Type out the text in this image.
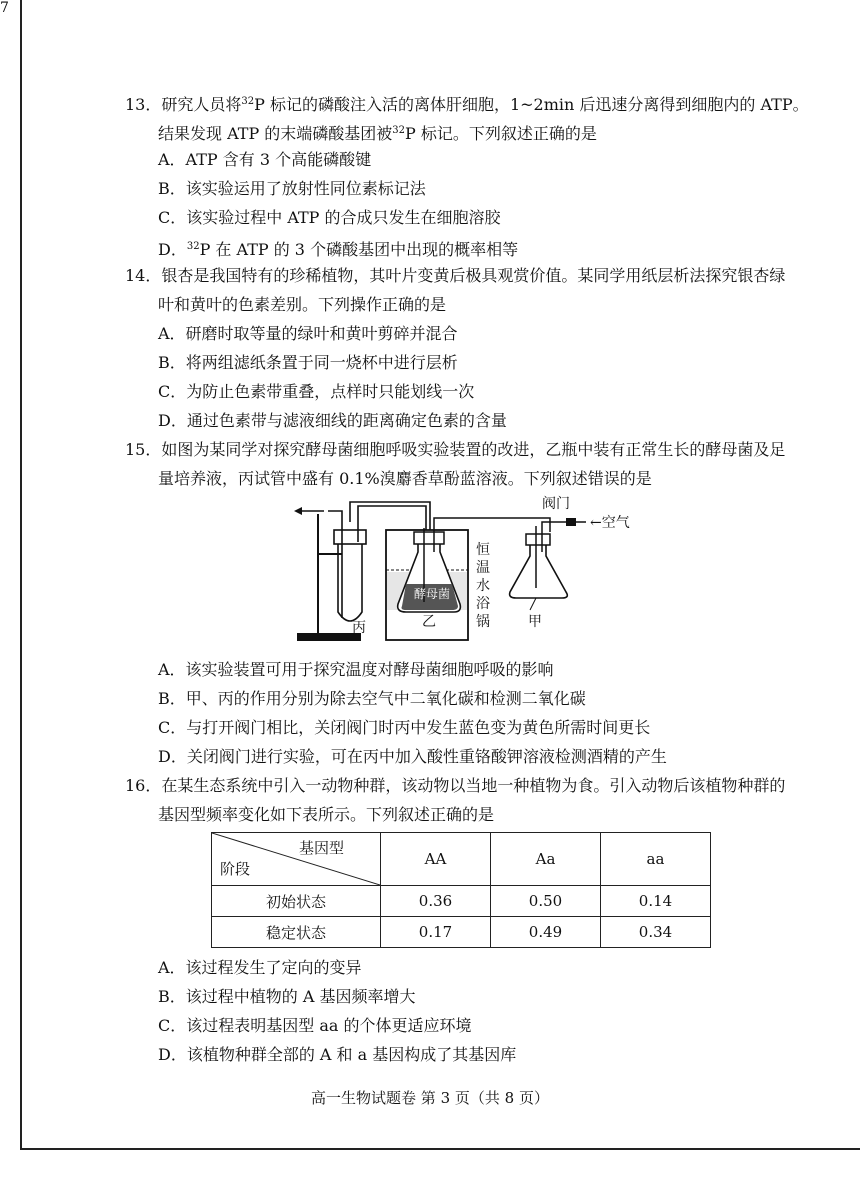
7
13．研究人员将$^{32}$P 标记的磷酸注入活的离体肝细胞，1~2min 后迅速分离得到细胞内的 ATP。
结果发现 ATP 的末端磷酸基团被$^{32}$P 标记。下列叙述正确的是
A．ATP 含有 3 个高能磷酸键
B．该实验运用了放射性同位素标记法
C．该实验过程中 ATP 的合成只发生在细胞溶胶
D．$^{32}$P 在 ATP 的 3 个磷酸基团中出现的概率相等
14．银杏是我国特有的珍稀植物，其叶片变黄后极具观赏价值。某同学用纸层析法探究银杏绿
叶和黄叶的色素差别。下列操作正确的是
A．研磨时取等量的绿叶和黄叶剪碎并混合
B．将两组滤纸条置于同一烧杯中进行层析
C．为防止色素带重叠，点样时只能划线一次
D．通过色素带与滤液细线的距离确定色素的含量
15．如图为某同学对探究酵母菌细胞呼吸实验装置的改进，乙瓶中装有正常生长的酵母菌及足
量培养液，丙试管中盛有 0.1%溴麝香草酚蓝溶液。下列叙述错误的是
酵母菌
乙
恒
温
水
浴
锅
阀门
←空气
甲
丙
A．该实验装置可用于探究温度对酵母菌细胞呼吸的影响
B．甲、丙的作用分别为除去空气中二氧化碳和检测二氧化碳
C．与打开阀门相比，关闭阀门时丙中发生蓝色变为黄色所需时间更长
D．关闭阀门进行实验，可在丙中加入酸性重铬酸钾溶液检测酒精的产生
16．在某生态系统中引入一动物种群，该动物以当地一种植物为食。引入动物后该植物种群的
基因型频率变化如下表所示。下列叙述正确的是
基因型
阶段	AA	Aa	aa
初始状态	0.36	0.50	0.14
稳定状态	0.17	0.49	0.34
A．该过程发生了定向的变异
B．该过程中植物的 A 基因频率增大
C．该过程表明基因型 aa 的个体更适应环境
D．该植物种群全部的 A 和 a 基因构成了其基因库
高一生物试题卷 第 3 页（共 8 页）
